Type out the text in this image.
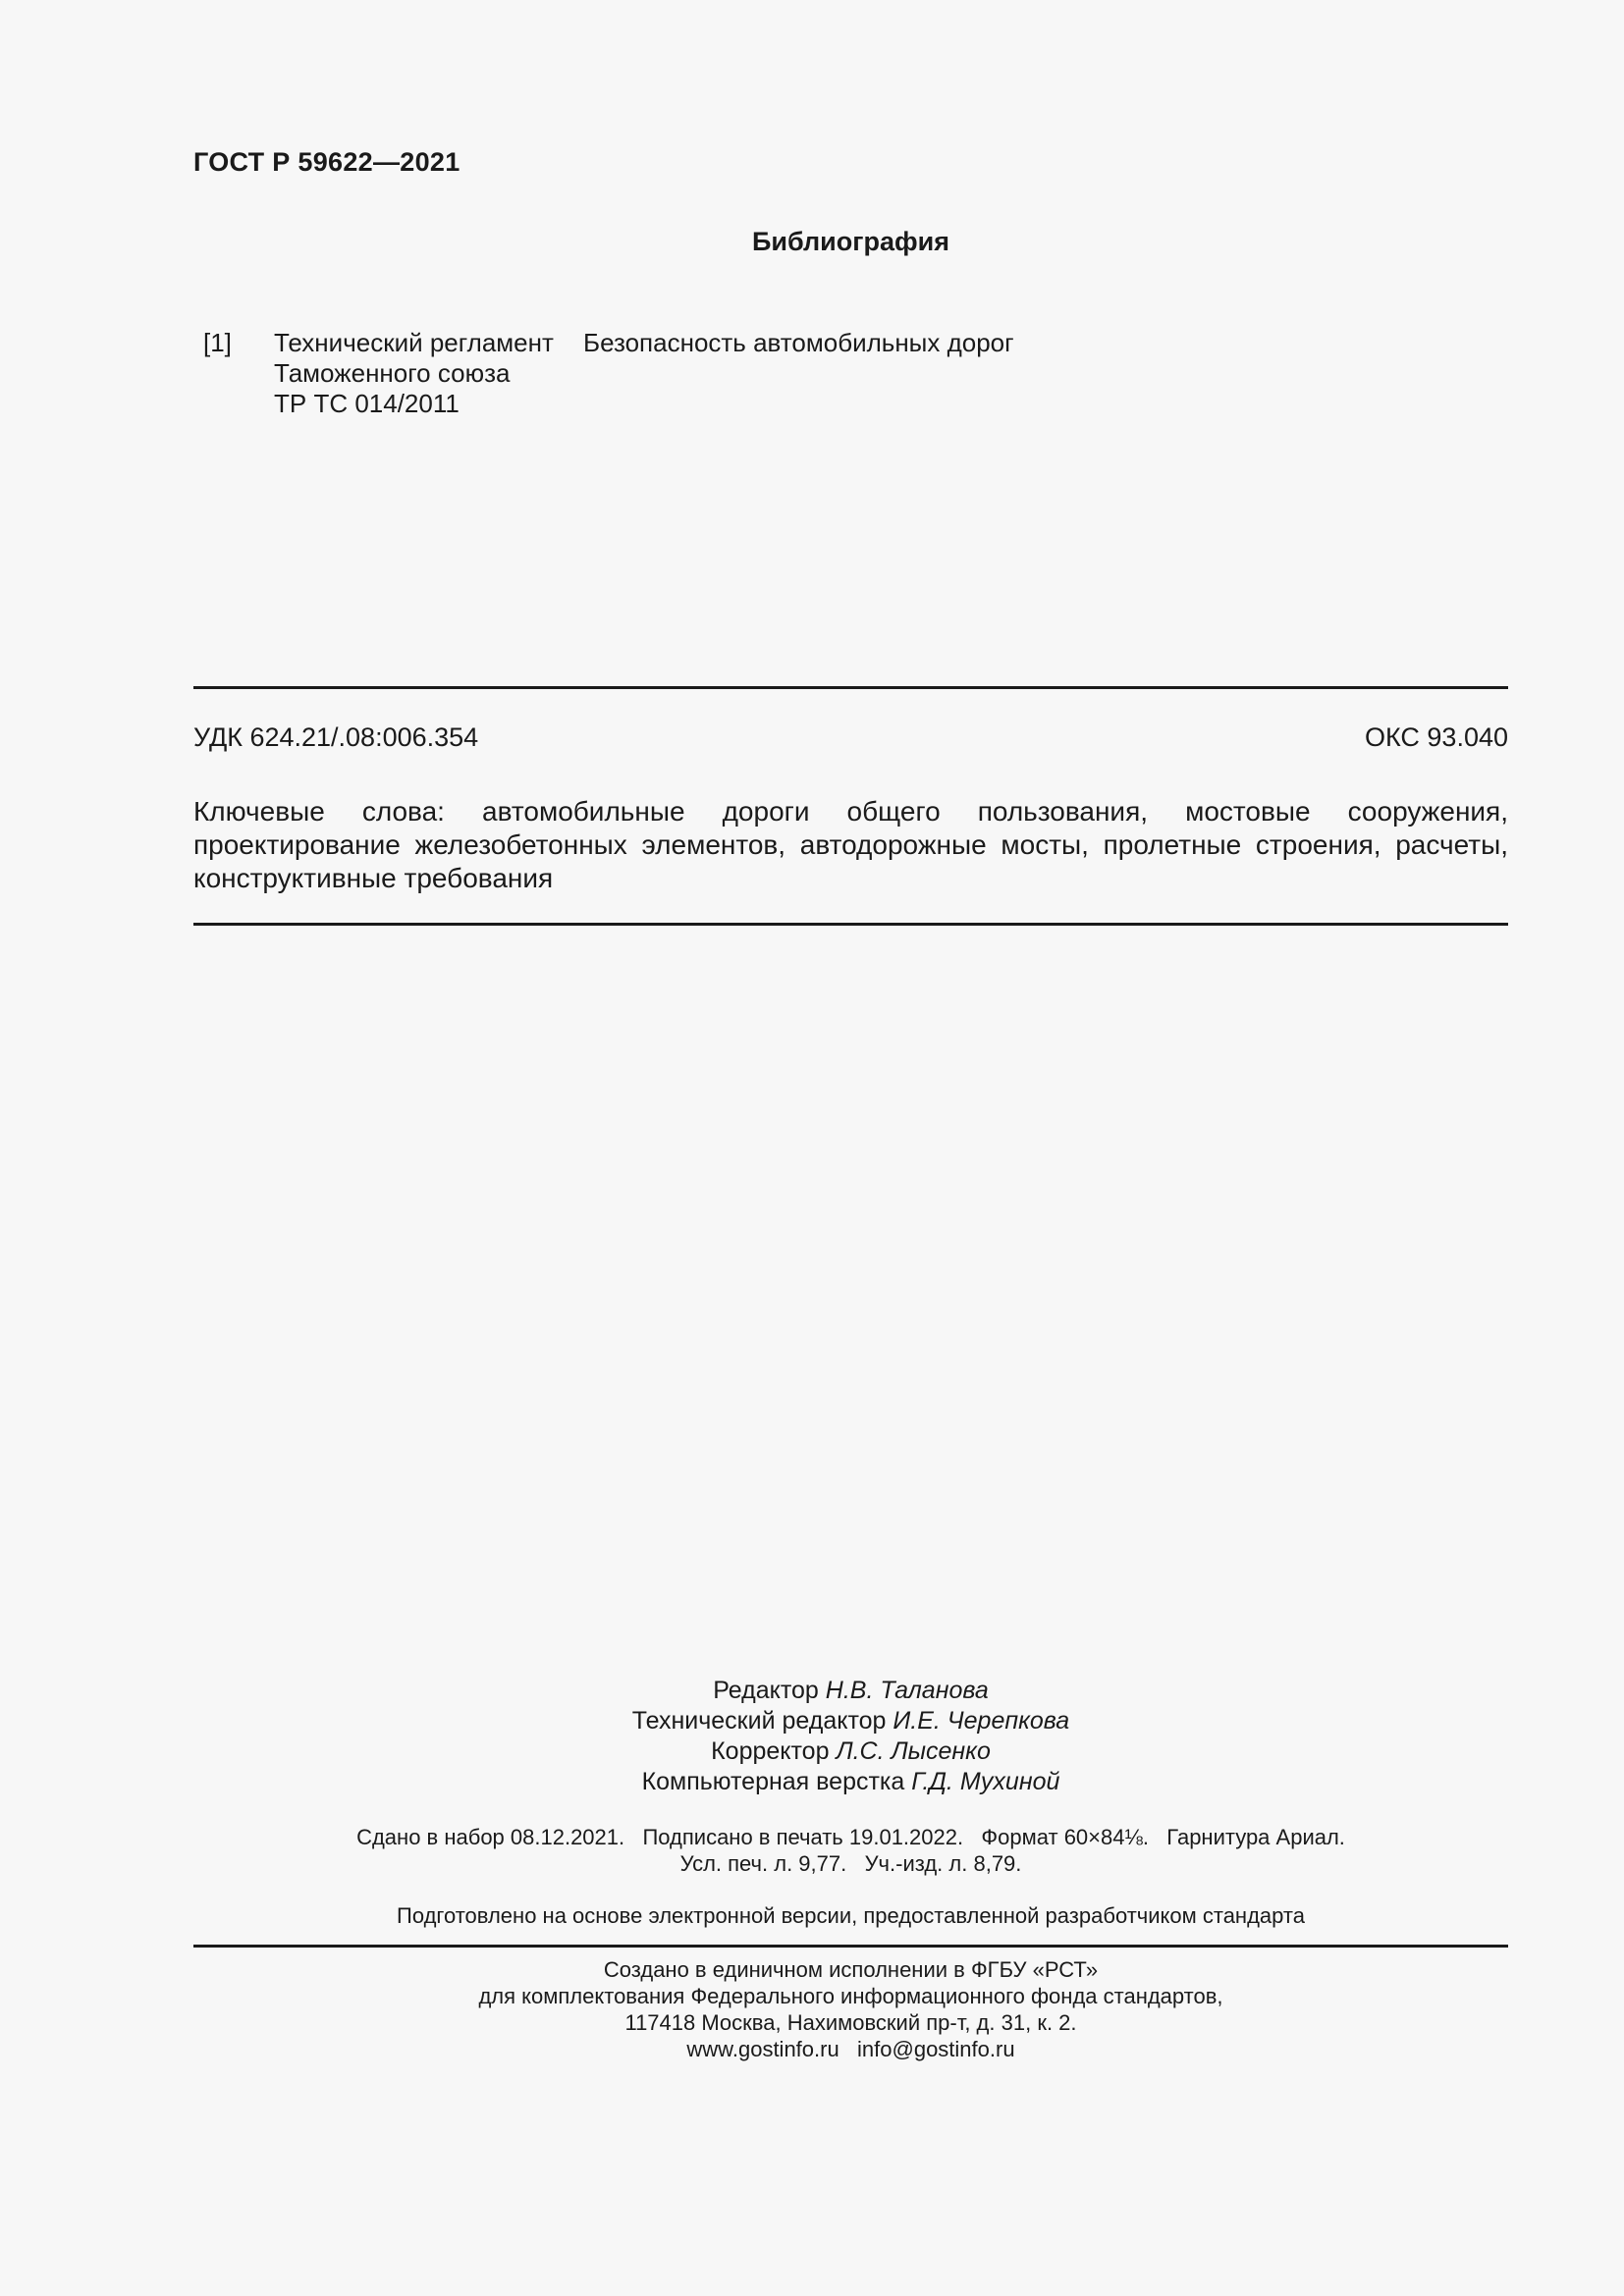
ГОСТ Р 59622—2021
Библиография
[1] Технический регламент
Таможенного союза
ТР ТС 014/2011
Безопасность автомобильных дорог
УДК 624.21/.08:006.354	ОКС 93.040
Ключевые слова: автомобильные дороги общего пользования, мостовые сооружения, проектирование железобетонных элементов, автодорожные мосты, пролетные строения, расчеты, конструктивные требования
Редактор Н.В. Таланова
Технический редактор И.Е. Черепкова
Корректор Л.С. Лысенко
Компьютерная верстка Г.Д. Мухиной
Сдано в набор 08.12.2021.   Подписано в печать 19.01.2022.   Формат 60×84⅛.   Гарнитура Ариал.
Усл. печ. л. 9,77.   Уч.-изд. л. 8,79.
Подготовлено на основе электронной версии, предоставленной разработчиком стандарта
Создано в единичном исполнении в ФГБУ «РСТ»
для комплектования Федерального информационного фонда стандартов,
117418 Москва, Нахимовский пр-т, д. 31, к. 2.
www.gostinfo.ru   info@gostinfo.ru
